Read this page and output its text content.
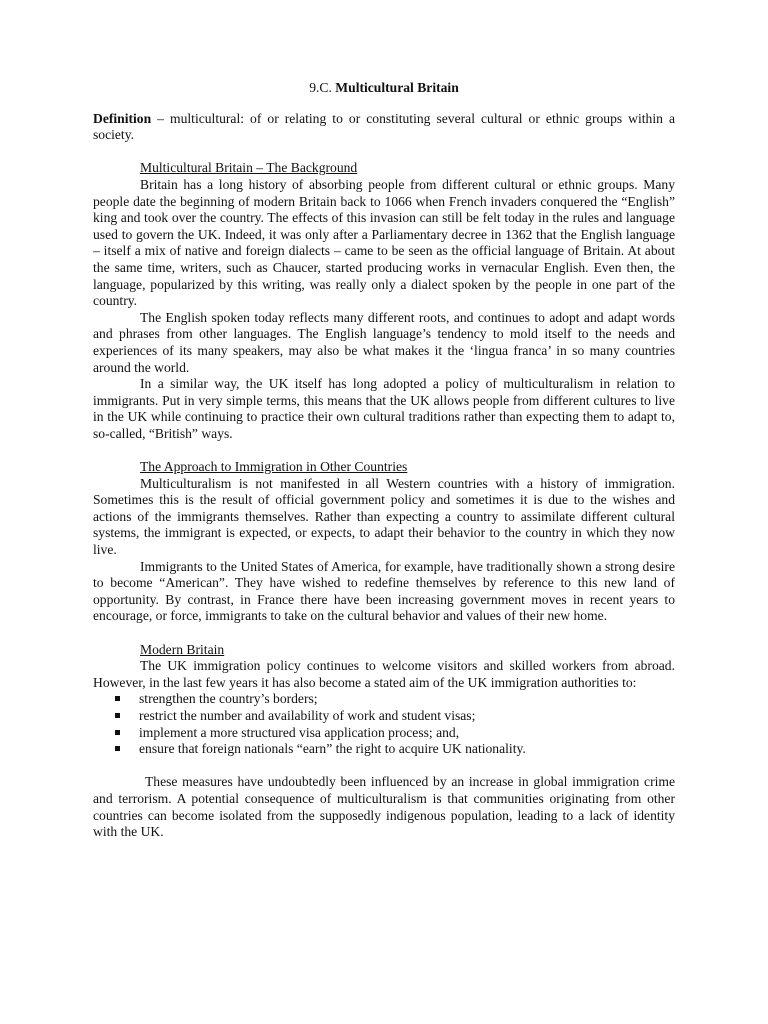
9.C. Multicultural Britain

Definition – multicultural: of or relating to or constituting several cultural or ethnic groups within a society.

Multicultural Britain – The Background

Britain has a long history of absorbing people from different cultural or ethnic groups. Many people date the beginning of modern Britain back to 1066 when French invaders conquered the “English” king and took over the country. The effects of this invasion can still be felt today in the rules and language used to govern the UK. Indeed, it was only after a Parliamentary decree in 1362 that the English language – itself a mix of native and foreign dialects – came to be seen as the official language of Britain. At about the same time, writers, such as Chaucer, started producing works in vernacular English. Even then, the language, popularized by this writing, was really only a dialect spoken by the people in one part of the country.

The English spoken today reflects many different roots, and continues to adopt and adapt words and phrases from other languages. The English language’s tendency to mold itself to the needs and experiences of its many speakers, may also be what makes it the ‘lingua franca’ in so many countries around the world.

In a similar way, the UK itself has long adopted a policy of multiculturalism in relation to immigrants. Put in very simple terms, this means that the UK allows people from different cultures to live in the UK while continuing to practice their own cultural traditions rather than expecting them to adapt to, so-called, “British” ways.

The Approach to Immigration in Other Countries

Multiculturalism is not manifested in all Western countries with a history of immigration. Sometimes this is the result of official government policy and sometimes it is due to the wishes and actions of the immigrants themselves. Rather than expecting a country to assimilate different cultural systems, the immigrant is expected, or expects, to adapt their behavior to the country in which they now live.

Immigrants to the United States of America, for example, have traditionally shown a strong desire to become “American”. They have wished to redefine themselves by reference to this new land of opportunity. By contrast, in France there have been increasing government moves in recent years to encourage, or force, immigrants to take on the cultural behavior and values of their new home.

Modern Britain

The UK immigration policy continues to welcome visitors and skilled workers from abroad. However, in the last few years it has also become a stated aim of the UK immigration authorities to:

strengthen the country’s borders;
restrict the number and availability of work and student visas;
implement a more structured visa application process; and,
ensure that foreign nationals “earn” the right to acquire UK nationality.

These measures have undoubtedly been influenced by an increase in global immigration crime and terrorism. A potential consequence of multiculturalism is that communities originating from other countries can become isolated from the supposedly indigenous population, leading to a lack of identity with the UK.
